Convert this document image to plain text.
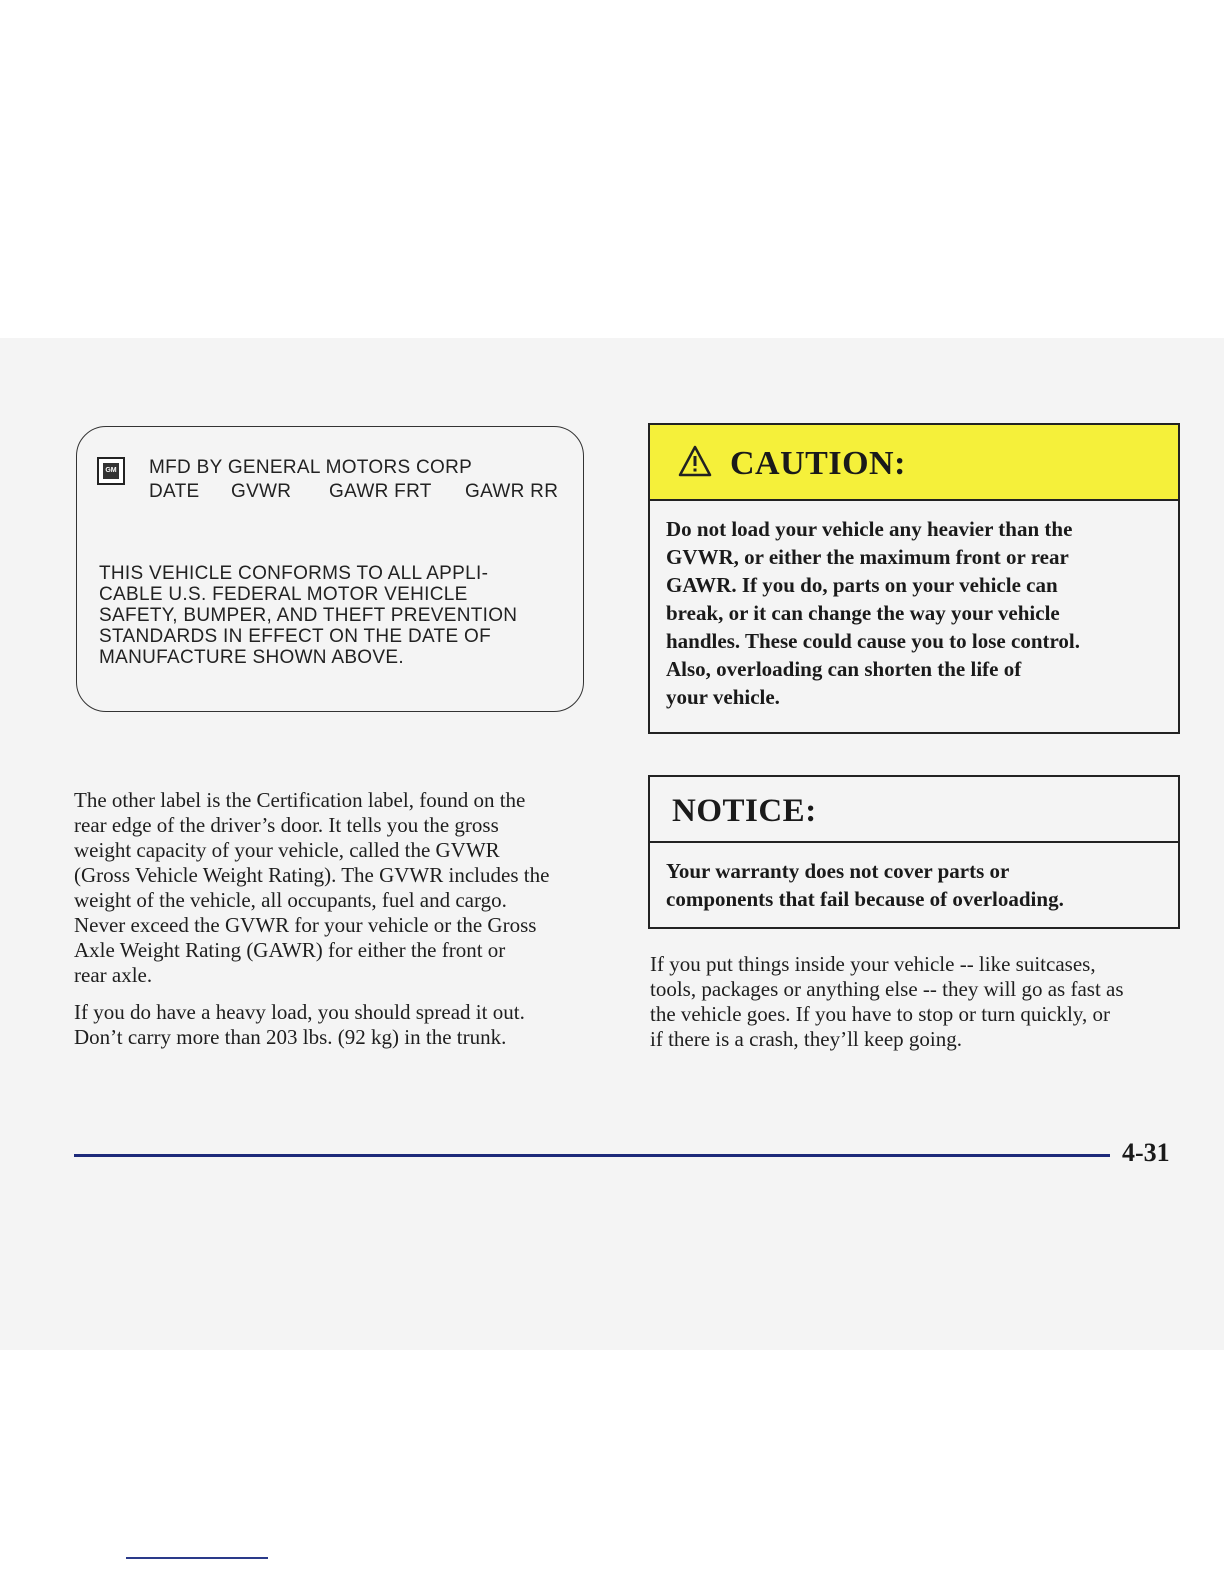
GM MFD BY GENERAL MOTORS CORP
DATE	GVWR	GAWR FRT	GAWR RR
THIS VEHICLE CONFORMS TO ALL APPLI-
CABLE U.S. FEDERAL MOTOR VEHICLE
SAFETY, BUMPER, AND THEFT PREVENTION
STANDARDS IN EFFECT ON THE DATE OF
MANUFACTURE SHOWN ABOVE.
The other label is the Certification label, found on the
rear edge of the driver’s door. It tells you the gross
weight capacity of your vehicle, called the GVWR
(Gross Vehicle Weight Rating). The GVWR includes the
weight of the vehicle, all occupants, fuel and cargo.
Never exceed the GVWR for your vehicle or the Gross
Axle Weight Rating (GAWR) for either the front or
rear axle.
If you do have a heavy load, you should spread it out.
Don’t carry more than 203 lbs. (92 kg) in the trunk.
CAUTION:
Do not load your vehicle any heavier than the
GVWR, or either the maximum front or rear
GAWR. If you do, parts on your vehicle can
break, or it can change the way your vehicle
handles. These could cause you to lose control.
Also, overloading can shorten the life of
your vehicle.
NOTICE:
Your warranty does not cover parts or
components that fail because of overloading.
If you put things inside your vehicle -- like suitcases,
tools, packages or anything else -- they will go as fast as
the vehicle goes. If you have to stop or turn quickly, or
if there is a crash, they’ll keep going.
4-31
